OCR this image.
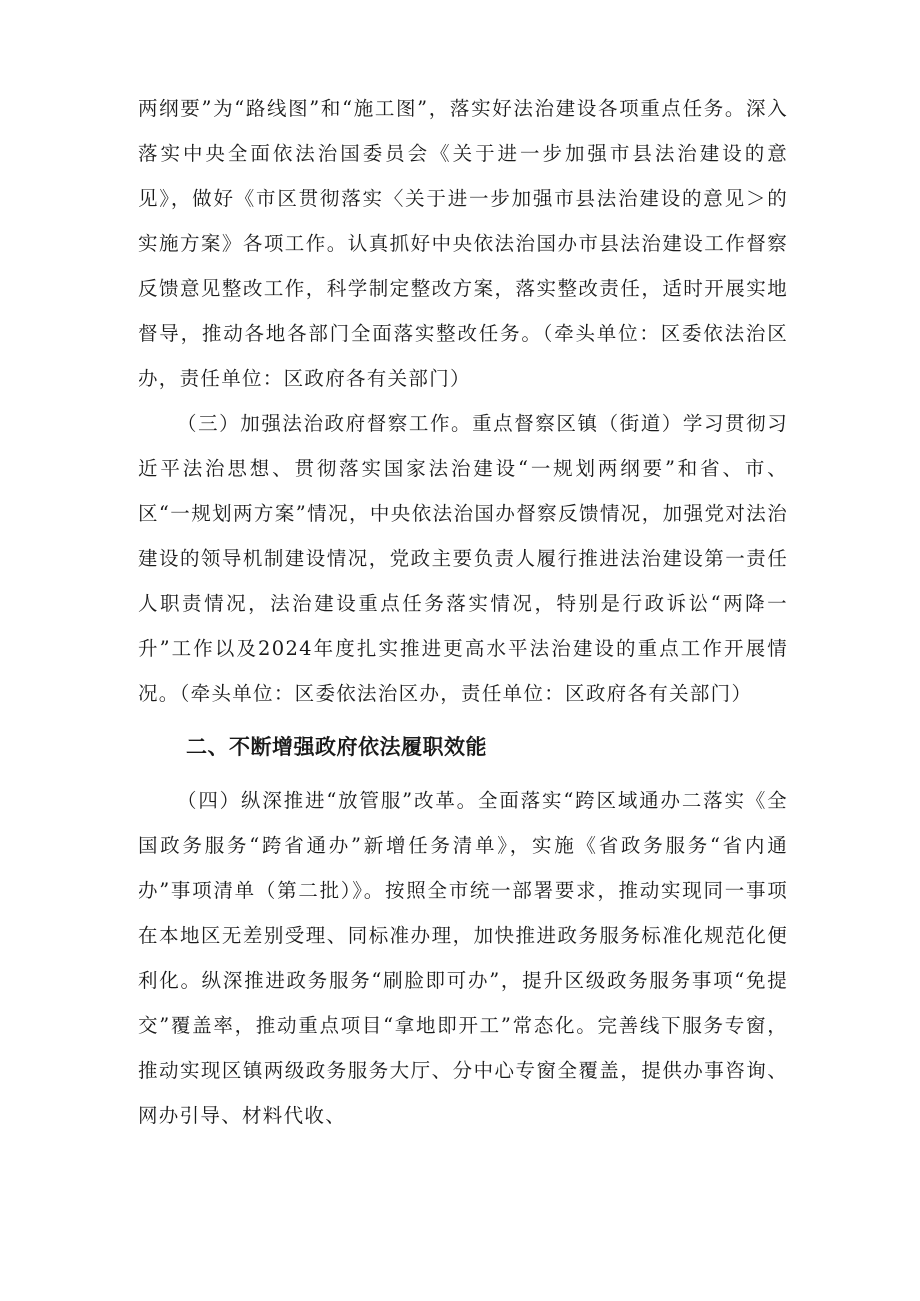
两纲要”为“路线图”和“施工图”，落实好法治建设各项重点任务。深入落实中央全面依法治国委员会《关于进一步加强市县法治建设的意见》，做好《市区贯彻落实〈关于进一步加强市县法治建设的意见＞的实施方案》各项工作。认真抓好中央依法治国办市县法治建设工作督察反馈意见整改工作，科学制定整改方案，落实整改责任，适时开展实地督导，推动各地各部门全面落实整改任务。（牵头单位：区委依法治区办，责任单位：区政府各有关部门）

（三）加强法治政府督察工作。重点督察区镇（街道）学习贯彻习近平法治思想、贯彻落实国家法治建设“一规划两纲要”和省、市、区“一规划两方案”情况，中央依法治国办督察反馈情况，加强党对法治建设的领导机制建设情况，党政主要负责人履行推进法治建设第一责任人职责情况，法治建设重点任务落实情况，特别是行政诉讼“两降一升”工作以及2024年度扎实推进更高水平法治建设的重点工作开展情况。（牵头单位：区委依法治区办，责任单位：区政府各有关部门）

二、不断增强政府依法履职效能

（四）纵深推进“放管服”改革。全面落实“跨区域通办二落实《全国政务服务“跨省通办”新增任务清单》，实施《省政务服务“省内通办”事项清单（第二批）》。按照全市统一部署要求，推动实现同一事项在本地区无差别受理、同标准办理，加快推进政务服务标准化规范化便利化。纵深推进政务服务“刷脸即可办”，提升区级政务服务事项“免提交”覆盖率，推动重点项目“拿地即开工”常态化。完善线下服务专窗，推动实现区镇两级政务服务大厅、分中心专窗全覆盖，提供办事咨询、网办引导、材料代收、
